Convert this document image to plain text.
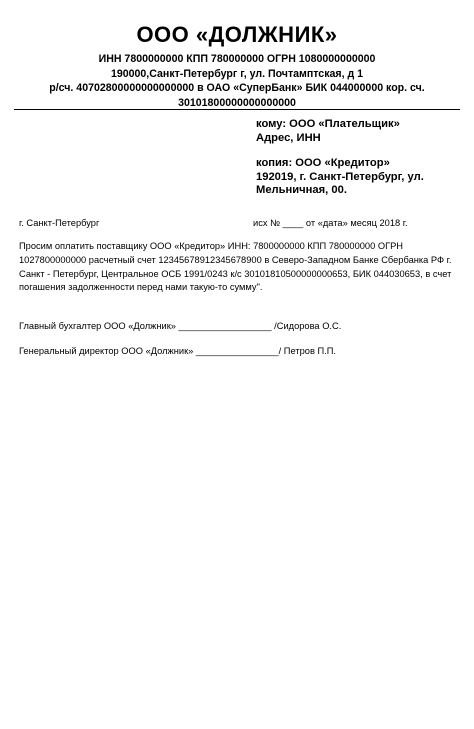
ООО «ДОЛЖНИК»
ИНН 7800000000 КПП 780000000 ОГРН 1080000000000
190000,Санкт-Петербург г, ул. Почтамптская, д 1
р/сч. 40702800000000000000 в ОАО «СуперБанк» БИК 044000000 кор. сч.
30101800000000000000
кому: ООО «Плательщик»
Адрес, ИНН
копия: ООО «Кредитор»
192019, г. Санкт-Петербург, ул.
Мельничная, 00.
г. Санкт-Петербург	исх № ____ от «дата» месяц 2018 г.
Просим оплатить поставщику ООО «Кредитор» ИНН: 7800000000 КПП 780000000 ОГРН
1027800000000 расчетный счет 12345678912345678900 в Северо-Западном Банке Сбербанка РФ г.
Санкт - Петербург, Центральное ОСБ 1991/0243 к/с 30101810500000000653, БИК 044030653, в счет
погашения задолженности перед нами такую-то сумму".
Главный бухгалтер ООО «Должник» __________________ /Сидорова О.С.
Генеральный директор ООО «Должник» ________________/ Петров П.П.
